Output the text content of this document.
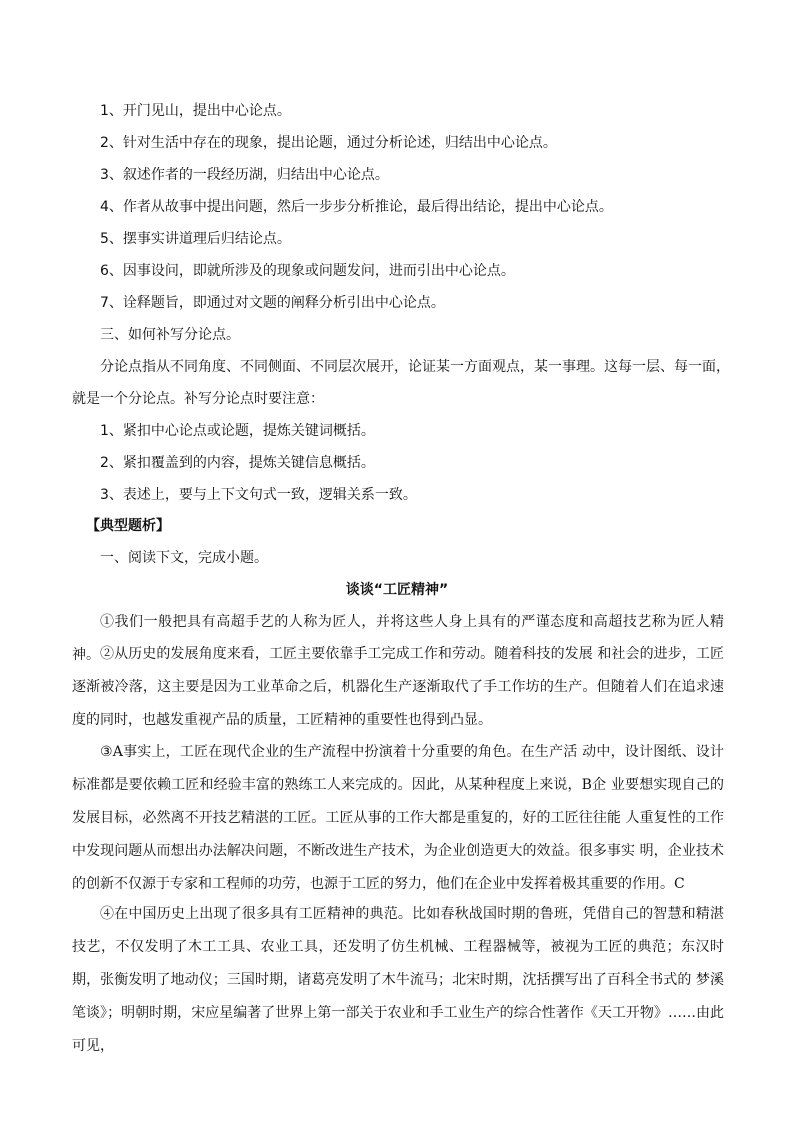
1、开门见山，提出中心论点。
2、针对生活中存在的现象，提出论题，通过分析论述，归结出中心论点。
3、叙述作者的一段经历湖，归结出中心论点。
4、作者从故事中提出问题，然后一步步分析推论，最后得出结论，提出中心论点。
5、摆事实讲道理后归结论点。
6、因事设问，即就所涉及的现象或问题发问，进而引出中心论点。
7、诠释题旨，即通过对文题的阐释分析引出中心论点。
三、如何补写分论点。
分论点指从不同角度、不同侧面、不同层次展开，论证某一方面观点，某一事理。这每一层、每一面，
就是一个分论点。补写分论点时要注意：
1、紧扣中心论点或论题，提炼关键词概括。
2、紧扣覆盖到的内容，提炼关键信息概括。
3、表述上，要与上下文句式一致，逻辑关系一致。
【典型题析】
一、阅读下文，完成小题。
谈谈“工匠精神”
①我们一般把具有高超手艺的人称为匠人，并将这些人身上具有的严谨态度和高超技艺称为匠人精神。 ②从历史的发展角度来看，工匠主要依靠手工完成工作和劳动。随着科技的发展 和社会的进步，工匠逐渐被冷落，这主要是因为工业革命之后，机器化生产逐渐取代了手工作坊的生产。但随着人们在追求速度的同时，也越发重视产品的质量，工匠精神的重要性也得到凸显。
③A事实上，工匠在现代企业的生产流程中扮演着十分重要的角色。在生产活 动中，设计图纸、设计标准都是要依赖工匠和经验丰富的熟练工人来完成的。因此，从某种程度上来说，B企 业要想实现自己的发展目标，必然离不开技艺精湛的工匠。工匠从事的工作大都是重复的，好的工匠往往能 人重复性的工作中发现问题从而想出办法解决问题，不断改进生产技术，为企业创造更大的效益。很多事实 明，企业技术的创新不仅源于专家和工程师的功劳，也源于工匠的努力，他们在企业中发挥着极其重要的作用。C
④在中国历史上出现了很多具有工匠精神的典范。比如春秋战国时期的鲁班，凭借自己的智慧和精湛技艺，不仅发明了木工工具、农业工具，还发明了仿生机械、工程器械等，被视为工匠的典范；东汉时期，张衡发明了地动仪；三国时期，诸葛亮发明了木牛流马；北宋时期，沈括撰写出了百科全书式的 梦溪笔谈》；明朝时期，宋应星编著了世界上第一部关于农业和手工业生产的综合性著作《天工开物》……由此可见，
